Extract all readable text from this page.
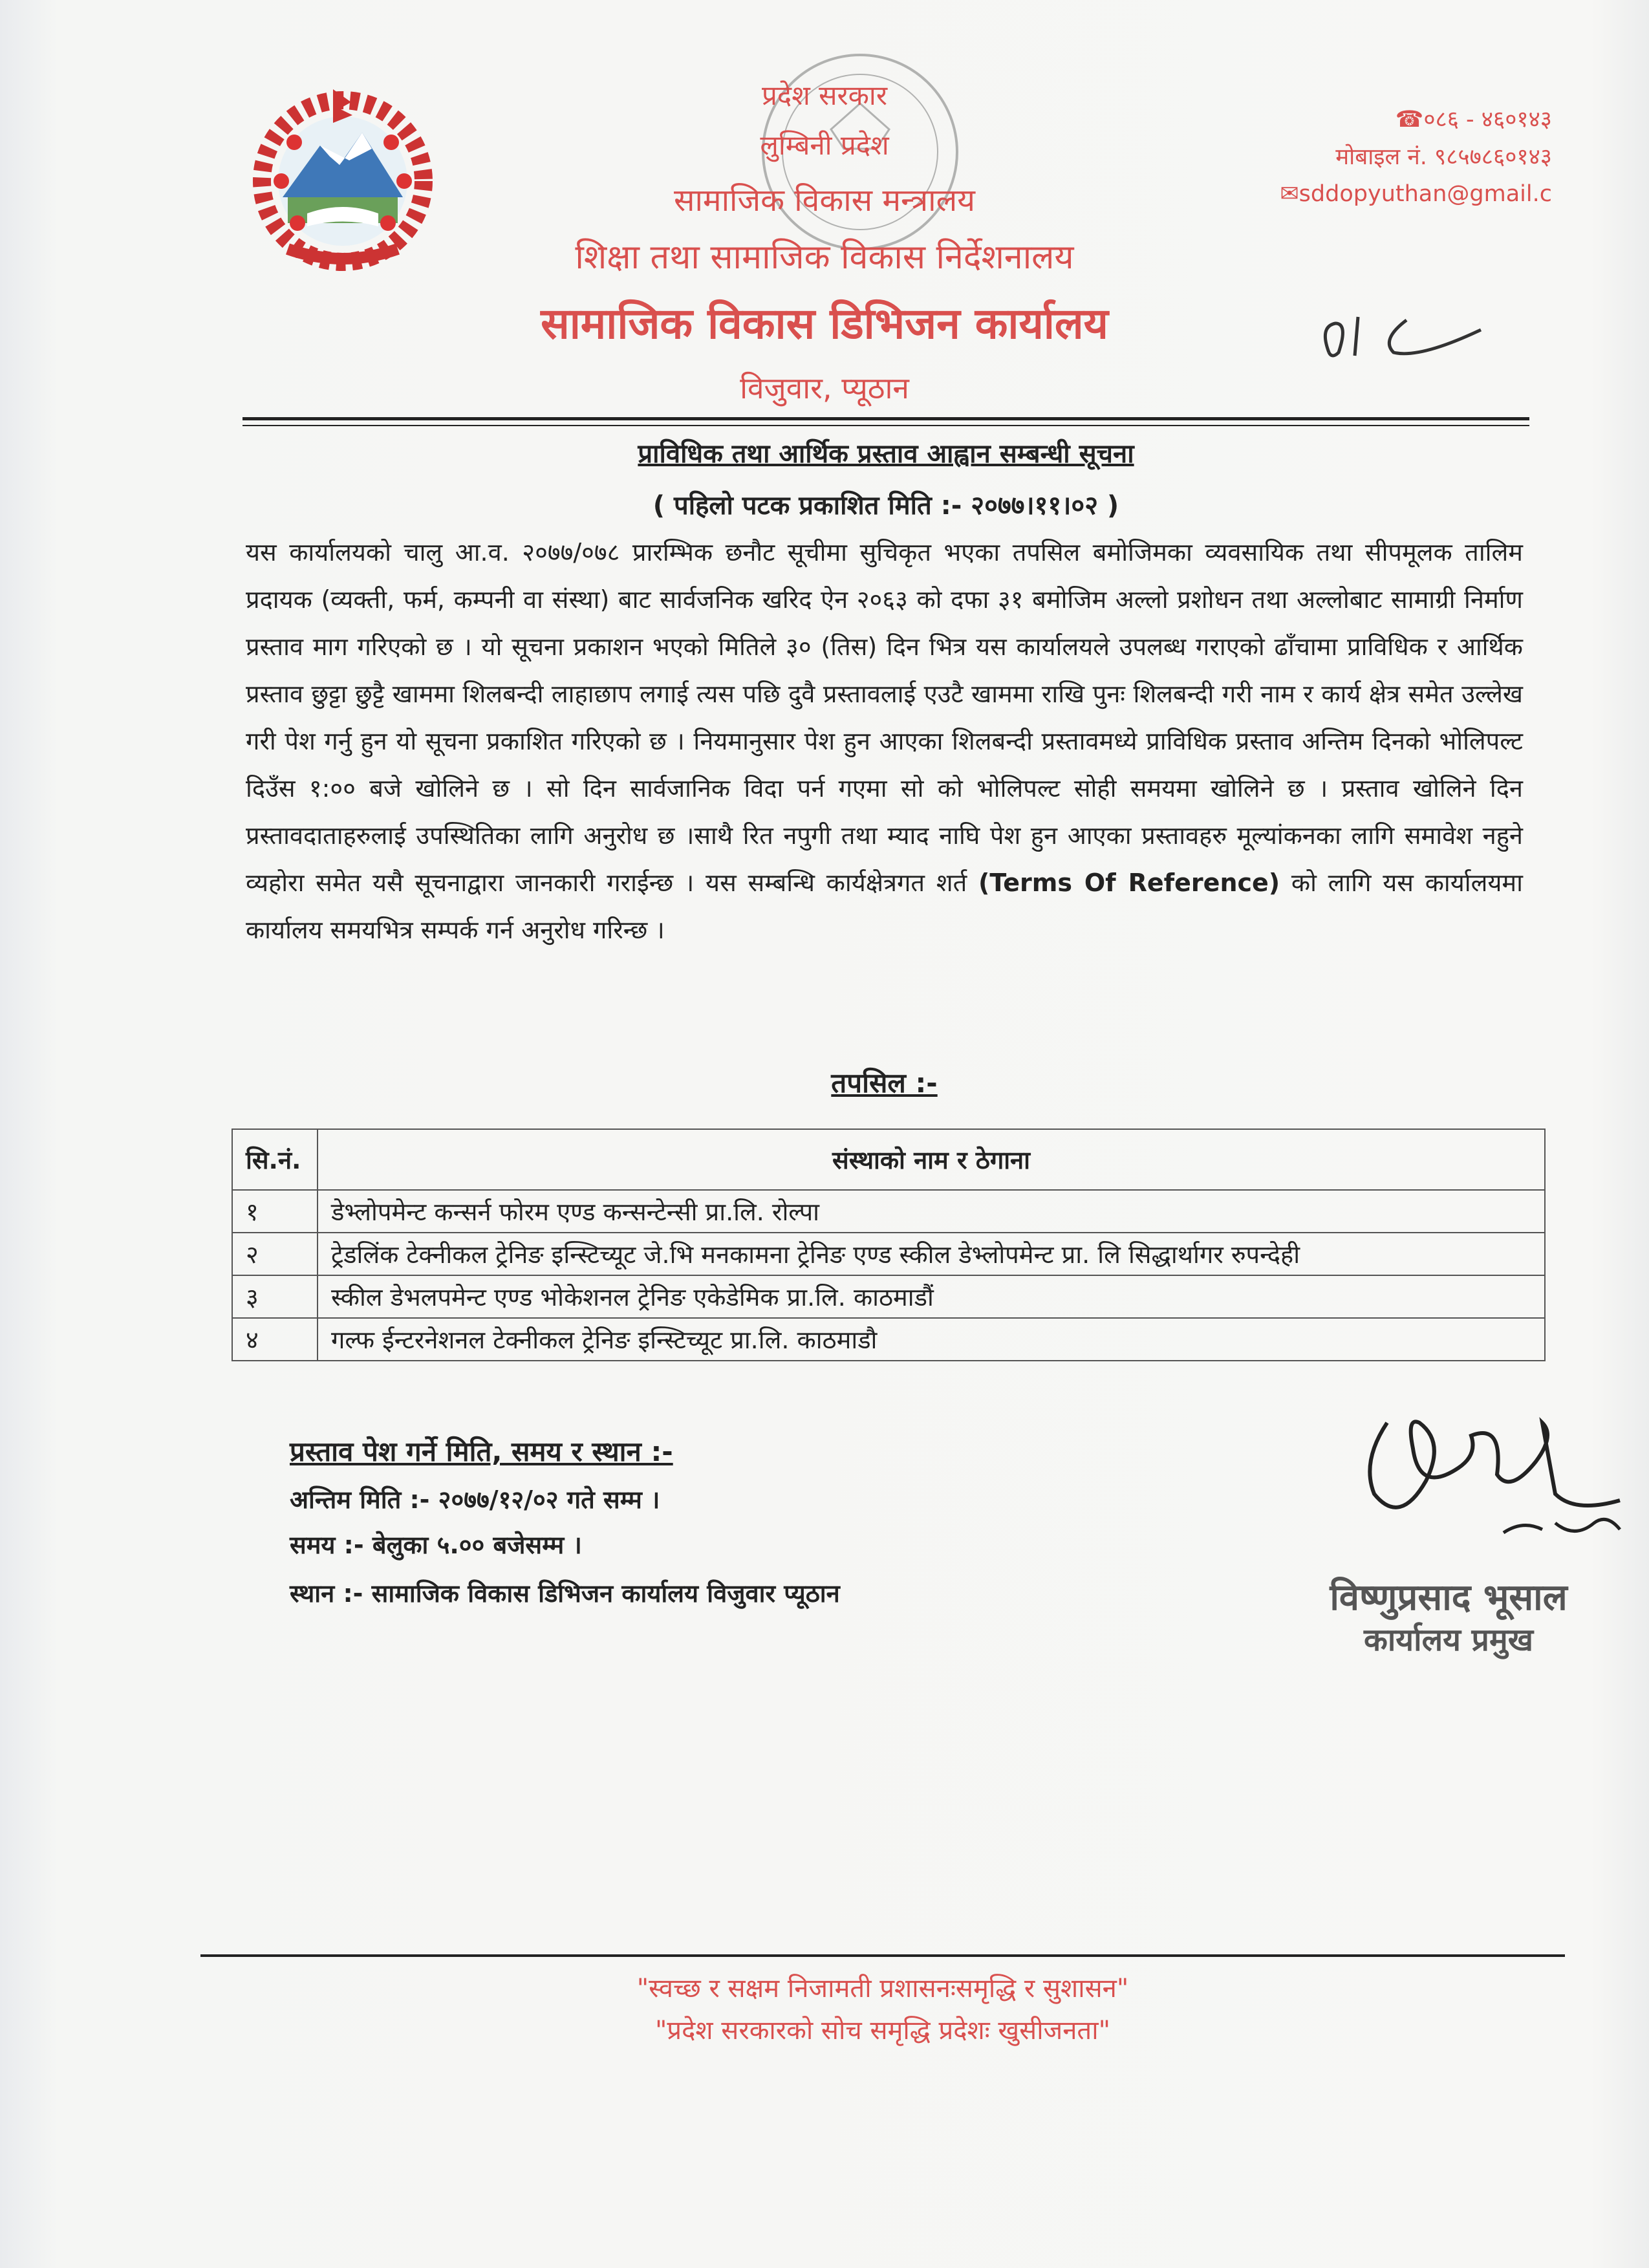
प्रदेश सरकार
लुम्बिनी प्रदेश
सामाजिक विकास मन्त्रालय
शिक्षा तथा सामाजिक विकास निर्देशनालय
सामाजिक विकास डिभिजन कार्यालय
विजुवार, प्यूठान
☎०८६ - ४६०१४३
मोबाइल नं. ९८५७८६०१४३
✉sddopyuthan@gmail.c
प्राविधिक तथा आर्थिक प्रस्ताव आह्वान सम्बन्धी सूचना
( पहिलो पटक प्रकाशित मिति :- २०७७।११।०२ )
यस कार्यालयको चालु आ.व. २०७७/०७८ प्रारम्भिक छनौट सूचीमा सुचिकृत भएका तपसिल बमोजिमका व्यवसायिक तथा सीपमूलक तालिम प्रदायक (व्यक्ती, फर्म, कम्पनी वा संस्था) बाट सार्वजनिक खरिद ऐन २०६३ को दफा ३१ बमोजिम अल्लो प्रशोधन तथा अल्लोबाट सामाग्री निर्माण प्रस्ताव माग गरिएको छ । यो सूचना प्रकाशन भएको मितिले ३० (तिस) दिन भित्र यस कार्यालयले उपलब्ध गराएको ढाँचामा प्राविधिक र आर्थिक प्रस्ताव छुट्टा छुट्टै खाममा शिलबन्दी लाहाछाप लगाई त्यस पछि दुवै प्रस्तावलाई एउटै खाममा राखि पुनः शिलबन्दी गरी नाम र कार्य क्षेत्र समेत उल्लेख गरी पेश गर्नु हुन यो सूचना प्रकाशित गरिएको छ । नियमानुसार पेश हुन आएका शिलबन्दी प्रस्तावमध्ये प्राविधिक प्रस्ताव अन्तिम दिनको भोलिपल्ट दिउँस १:०० बजे खोलिने छ । सो दिन सार्वजानिक विदा पर्न गएमा सो को भोलिपल्ट सोही समयमा खोलिने छ । प्रस्ताव खोलिने दिन प्रस्तावदाताहरुलाई उपस्थितिका लागि अनुरोध छ ।साथै रित नपुगी तथा म्याद नाघि पेश हुन आएका प्रस्तावहरु मूल्यांकनका लागि समावेश नहुने व्यहोरा समेत यसै सूचनाद्वारा जानकारी गराईन्छ । यस सम्बन्धि कार्यक्षेत्रगत शर्त (Terms Of Reference) को लागि यस कार्यालयमा कार्यालय समयभित्र सम्पर्क गर्न अनुरोध गरिन्छ ।
तपसिल :-
सि.नं.	संस्थाको नाम र ठेगाना
१	डेभ्लोपमेन्ट कन्सर्न फोरम एण्ड कन्सन्टेन्सी प्रा.लि. रोल्पा
२	ट्रेडलिंक टेक्नीकल ट्रेनिङ इन्स्टिच्यूट जे.भि मनकामना ट्रेनिङ एण्ड स्कील डेभ्लोपमेन्ट प्रा. लि सिद्धार्थागर रुपन्देही
३	स्कील डेभलपमेन्ट एण्ड भोकेशनल ट्रेनिङ एकेडेमिक प्रा.लि. काठमाडौं
४	गल्फ ईन्टरनेशनल टेक्नीकल ट्रेनिङ इन्स्टिच्यूट प्रा.लि. काठमाडौ
प्रस्ताव पेश गर्ने मिति, समय र स्थान :-
अन्तिम मिति :- २०७७/१२/०२ गते सम्म ।
समय :- बेलुका ५.०० बजेसम्म ।
स्थान :- सामाजिक विकास डिभिजन कार्यालय विजुवार प्यूठान	विष्णुप्रसाद भूसाल
कार्यालय प्रमुख
"स्वच्छ र सक्षम निजामती प्रशासनःसमृद्धि र सुशासन"
"प्रदेश सरकारको सोच समृद्धि प्रदेशः खुसीजनता"
